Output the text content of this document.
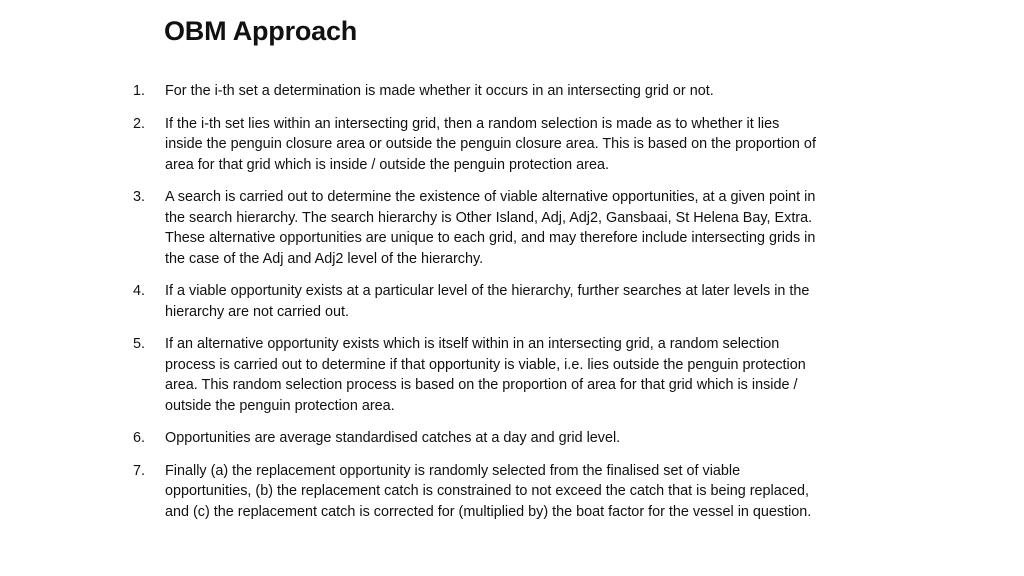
OBM Approach
1.	For the i-th set a determination is made whether it occurs in an intersecting grid or not.
2.	If the i-th set lies within an intersecting grid, then a random selection is made as to whether it lies
inside the penguin closure area or outside the penguin closure area. This is based on the proportion of
area for that grid which is inside / outside the penguin protection area.
3.	A search is carried out to determine the existence of viable alternative opportunities, at a given point in
the search hierarchy. The search hierarchy is Other Island, Adj, Adj2, Gansbaai, St Helena Bay, Extra.
These alternative opportunities are unique to each grid, and may therefore include intersecting grids in
the case of the Adj and Adj2 level of the hierarchy.
4.	If a viable opportunity exists at a particular level of the hierarchy, further searches at later levels in the
hierarchy are not carried out.
5.	If an alternative opportunity exists which is itself within in an intersecting grid, a random selection
process is carried out to determine if that opportunity is viable, i.e. lies outside the penguin protection
area. This random selection process is based on the proportion of area for that grid which is inside /
outside the penguin protection area.
6.	Opportunities are average standardised catches at a day and grid level.
7.	Finally (a) the replacement opportunity is randomly selected from the finalised set of viable
opportunities, (b) the replacement catch is constrained to not exceed the catch that is being replaced,
and (c) the replacement catch is corrected for (multiplied by) the boat factor for the vessel in question.
